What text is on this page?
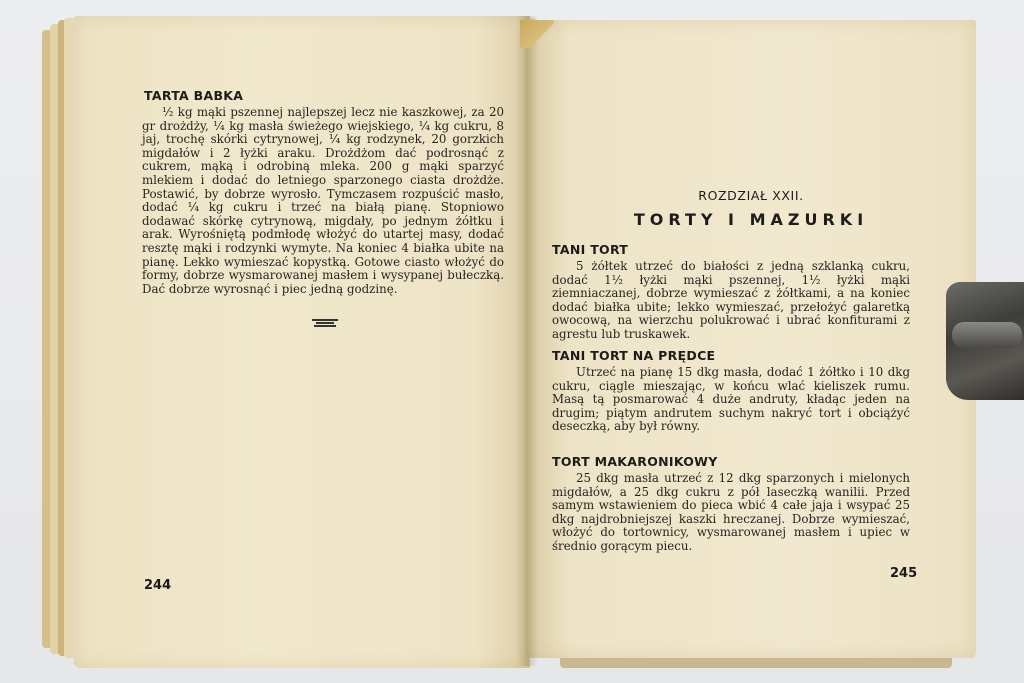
TARTA BABKA
½ kg mąki pszennej najlepszej lecz nie kaszkowej, za 20 gr drożdży, ¼ kg masła świeżego wiejskiego, ¼ kg cukru, 8 jaj, trochę skórki cytrynowej, ¼ kg rodzynek, 20 gorzkich migdałów i 2 łyżki araku. Drożdżom dać podrosnąć z cukrem, mąką i odrobiną mleka. 200 g mąki sparzyć mlekiem i dodać do letniego sparzonego ciasta drożdże. Postawić, by dobrze wyrosło. Tymczasem rozpuścić masło, dodać ¼ kg cukru i trzeć na białą pianę. Stopniowo dodawać skórkę cytrynową, migdały, po jednym żółtku i arak. Wyrośniętą podmłodę włożyć do utartej masy, dodać resztę mąki i rodzynki wymyte. Na koniec 4 białka ubite na pianę. Lekko wymieszać kopystką. Gotowe ciasto włożyć do formy, dobrze wysmarowanej masłem i wysypanej bułeczką. Dać dobrze wyrosnąć i piec jedną godzinę.
244
ROZDZIAŁ XXII.
TORTY I MAZURKI
TANI TORT
5 żółtek utrzeć do białości z jedną szklanką cukru, dodać 1½ łyżki mąki pszennej, 1½ łyżki mąki ziemniaczanej, dobrze wymieszać z żółtkami, a na koniec dodać białka ubite; lekko wymieszać, przełożyć galaretką owocową, na wierzchu polukrować i ubrać konfiturami z agrestu lub truskawek.
TANI TORT NA PRĘDCE
Utrzeć na pianę 15 dkg masła, dodać 1 żółtko i 10 dkg cukru, ciągle mieszając, w końcu wlać kieliszek rumu. Masą tą posmarować 4 duże andruty, kładąc jeden na drugim; piątym andrutem suchym nakryć tort i obciążyć deseczką, aby był równy.
TORT MAKARONIKOWY
25 dkg masła utrzeć z 12 dkg sparzonych i mielonych migdałów, a 25 dkg cukru z pół laseczką wanilii. Przed samym wstawieniem do pieca wbić 4 całe jaja i wsypać 25 dkg najdrobniejszej kaszki hreczanej. Dobrze wymieszać, włożyć do tortownicy, wysmarowanej masłem i upiec w średnio gorącym piecu.
245
